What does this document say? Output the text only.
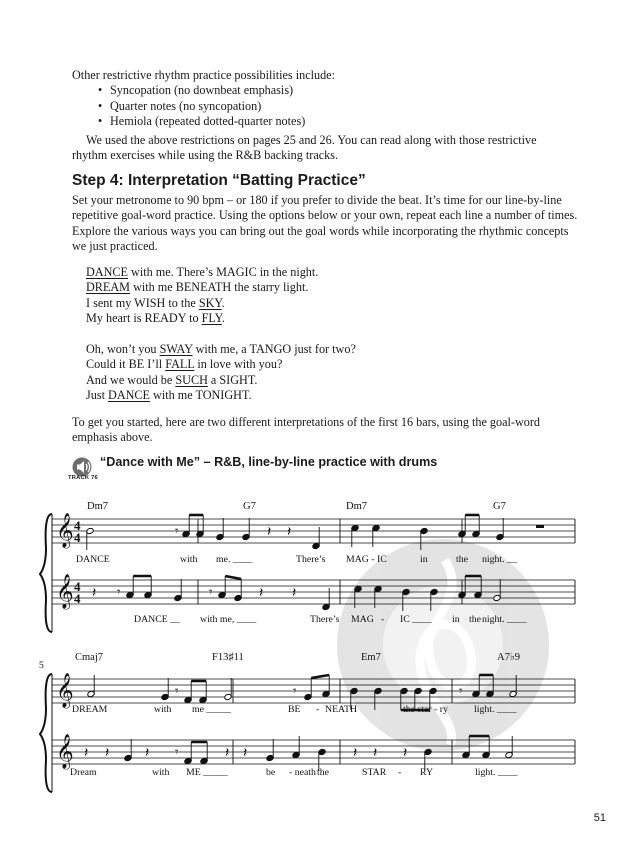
Other restrictive rhythm practice possibilities include:
• Syncopation (no downbeat emphasis)
• Quarter notes (no syncopation)
• Hemiola (repeated dotted-quarter notes)

We used the above restrictions on pages 25 and 26. You can read along with those restrictive rhythm exercises while using the R&B backing tracks.

Step 4: Interpretation “Batting Practice”
Set your metronome to 90 bpm – or 180 if you prefer to divide the beat. It’s time for our line-by-line repetitive goal-word practice. Using the options below or your own, repeat each line a number of times. Explore the various ways you can bring out the goal words while incorporating the rhythmic concepts we just practiced.
DANCE with me. There’s MAGIC in the night.
DREAM with me BENEATH the starry light.
I sent my WISH to the SKY.
My heart is READY to FLY.
Oh, won’t you SWAY with me, a TANGO just for two?
Could it BE I’ll FALL in love with you?
And we would be SUCH a SIGHT.
Just DANCE with me TONIGHT.
To get you started, here are two different interpretations of the first 16 bars, using the goal-word emphasis above.
“Dance with Me” – R&B, line-by-line practice with drums
TRACK 76
𝄞 4
4
Dm7	G7	Dm7	G7
𝄾	𝄽 𝄽
DANCE	with me. ____	There’s MAG - IC	in	the night. __
𝄞 4
4 𝄽 𝄾	𝄾	𝄽 𝄽
DANCE __ with me, ____	There’s MAG - IC ____ in the night. ____
5
𝄞
Cmaj7	F13♯11	Em7	A7♭9
𝄾	𝄾	𝄾
DREAM	with me _____	BE - NEATH	the star - ry	light. ____
𝄞 𝄽 𝄽	𝄽 𝄾	𝄽 𝄽	𝄽 𝄽 𝄽
Dream	with ME _____	be - neath the	STAR - RY	light. ____
51
